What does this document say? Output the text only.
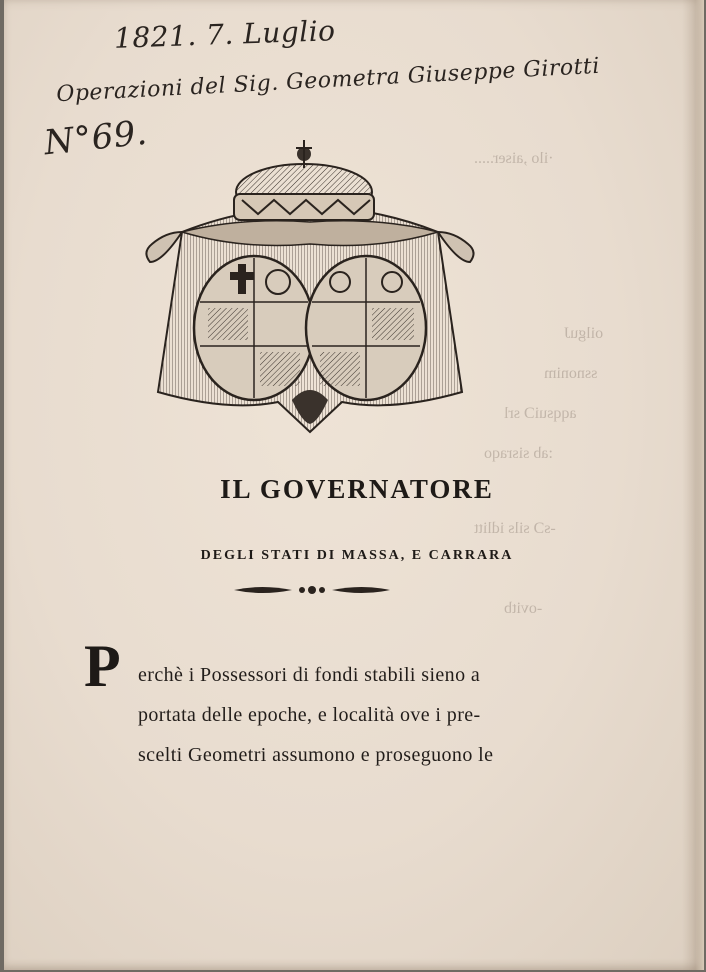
·ilo ,aiser.....
oilguJ
ssnonim
aqqsuiƆ srl
:ab sisraqo
-sƆ sils idlitt
-ovitb
1821. 7. Luglio
Operazioni del Sig. Geometra Giuseppe Girotti
N°69.
IL GOVERNATORE
DEGLI STATI DI MASSA, E CARRARA
P erchè i Possessori di fondi stabili sieno a
portata delle epoche, e località ove i pre-
scelti Geometri assumono e proseguono le
